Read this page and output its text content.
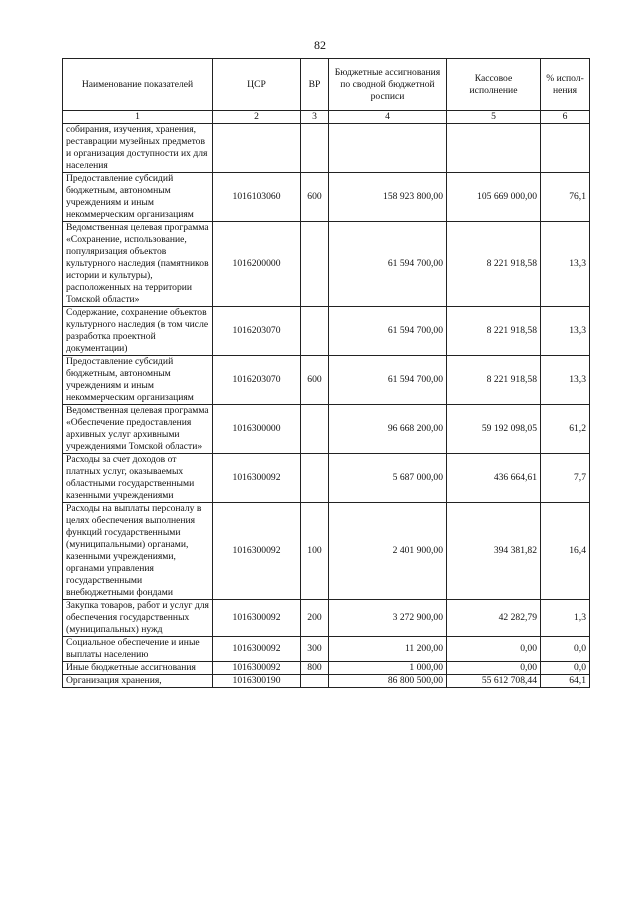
82
Наименование показателей	ЦСР	ВР	Бюджетные ассигнования по сводной бюджетной росписи	Кассовое исполнение	% испол- нения
1	2	3	4	5	6
собирания, изучения, хранения, реставрации музейных предметов и организация доступности их для населения					
Предоставление субсидий бюджетным, автономным учреждениям и иным некоммерческим организациям	1016103060	600	158 923 800,00	105 669 000,00	76,1
Ведомственная целевая программа «Сохранение, использование, популяризация объектов культурного наследия (памятников истории и культуры), расположенных на территории Томской области»	1016200000		61 594 700,00	8 221 918,58	13,3
Содержание, сохранение объектов культурного наследия (в том числе разработка проектной документации)	1016203070		61 594 700,00	8 221 918,58	13,3
Предоставление субсидий бюджетным, автономным учреждениям и иным некоммерческим организациям	1016203070	600	61 594 700,00	8 221 918,58	13,3
Ведомственная целевая программа «Обеспечение предоставления архивных услуг архивными учреждениями Томской области»	1016300000		96 668 200,00	59 192 098,05	61,2
Расходы за счет доходов от платных услуг, оказываемых областными государственными казенными учреждениями	1016300092		5 687 000,00	436 664,61	7,7
Расходы на выплаты персоналу в целях обеспечения выполнения функций государственными (муниципальными) органами, казенными учреждениями, органами управления государственными внебюджетными фондами	1016300092	100	2 401 900,00	394 381,82	16,4
Закупка товаров, работ и услуг для обеспечения государственных (муниципальных) нужд	1016300092	200	3 272 900,00	42 282,79	1,3
Социальное обеспечение и иные выплаты населению	1016300092	300	11 200,00	0,00	0,0
Иные бюджетные ассигнования	1016300092	800	1 000,00	0,00	0,0
Организация хранения,	1016300190		86 800 500,00	55 612 708,44	64,1
